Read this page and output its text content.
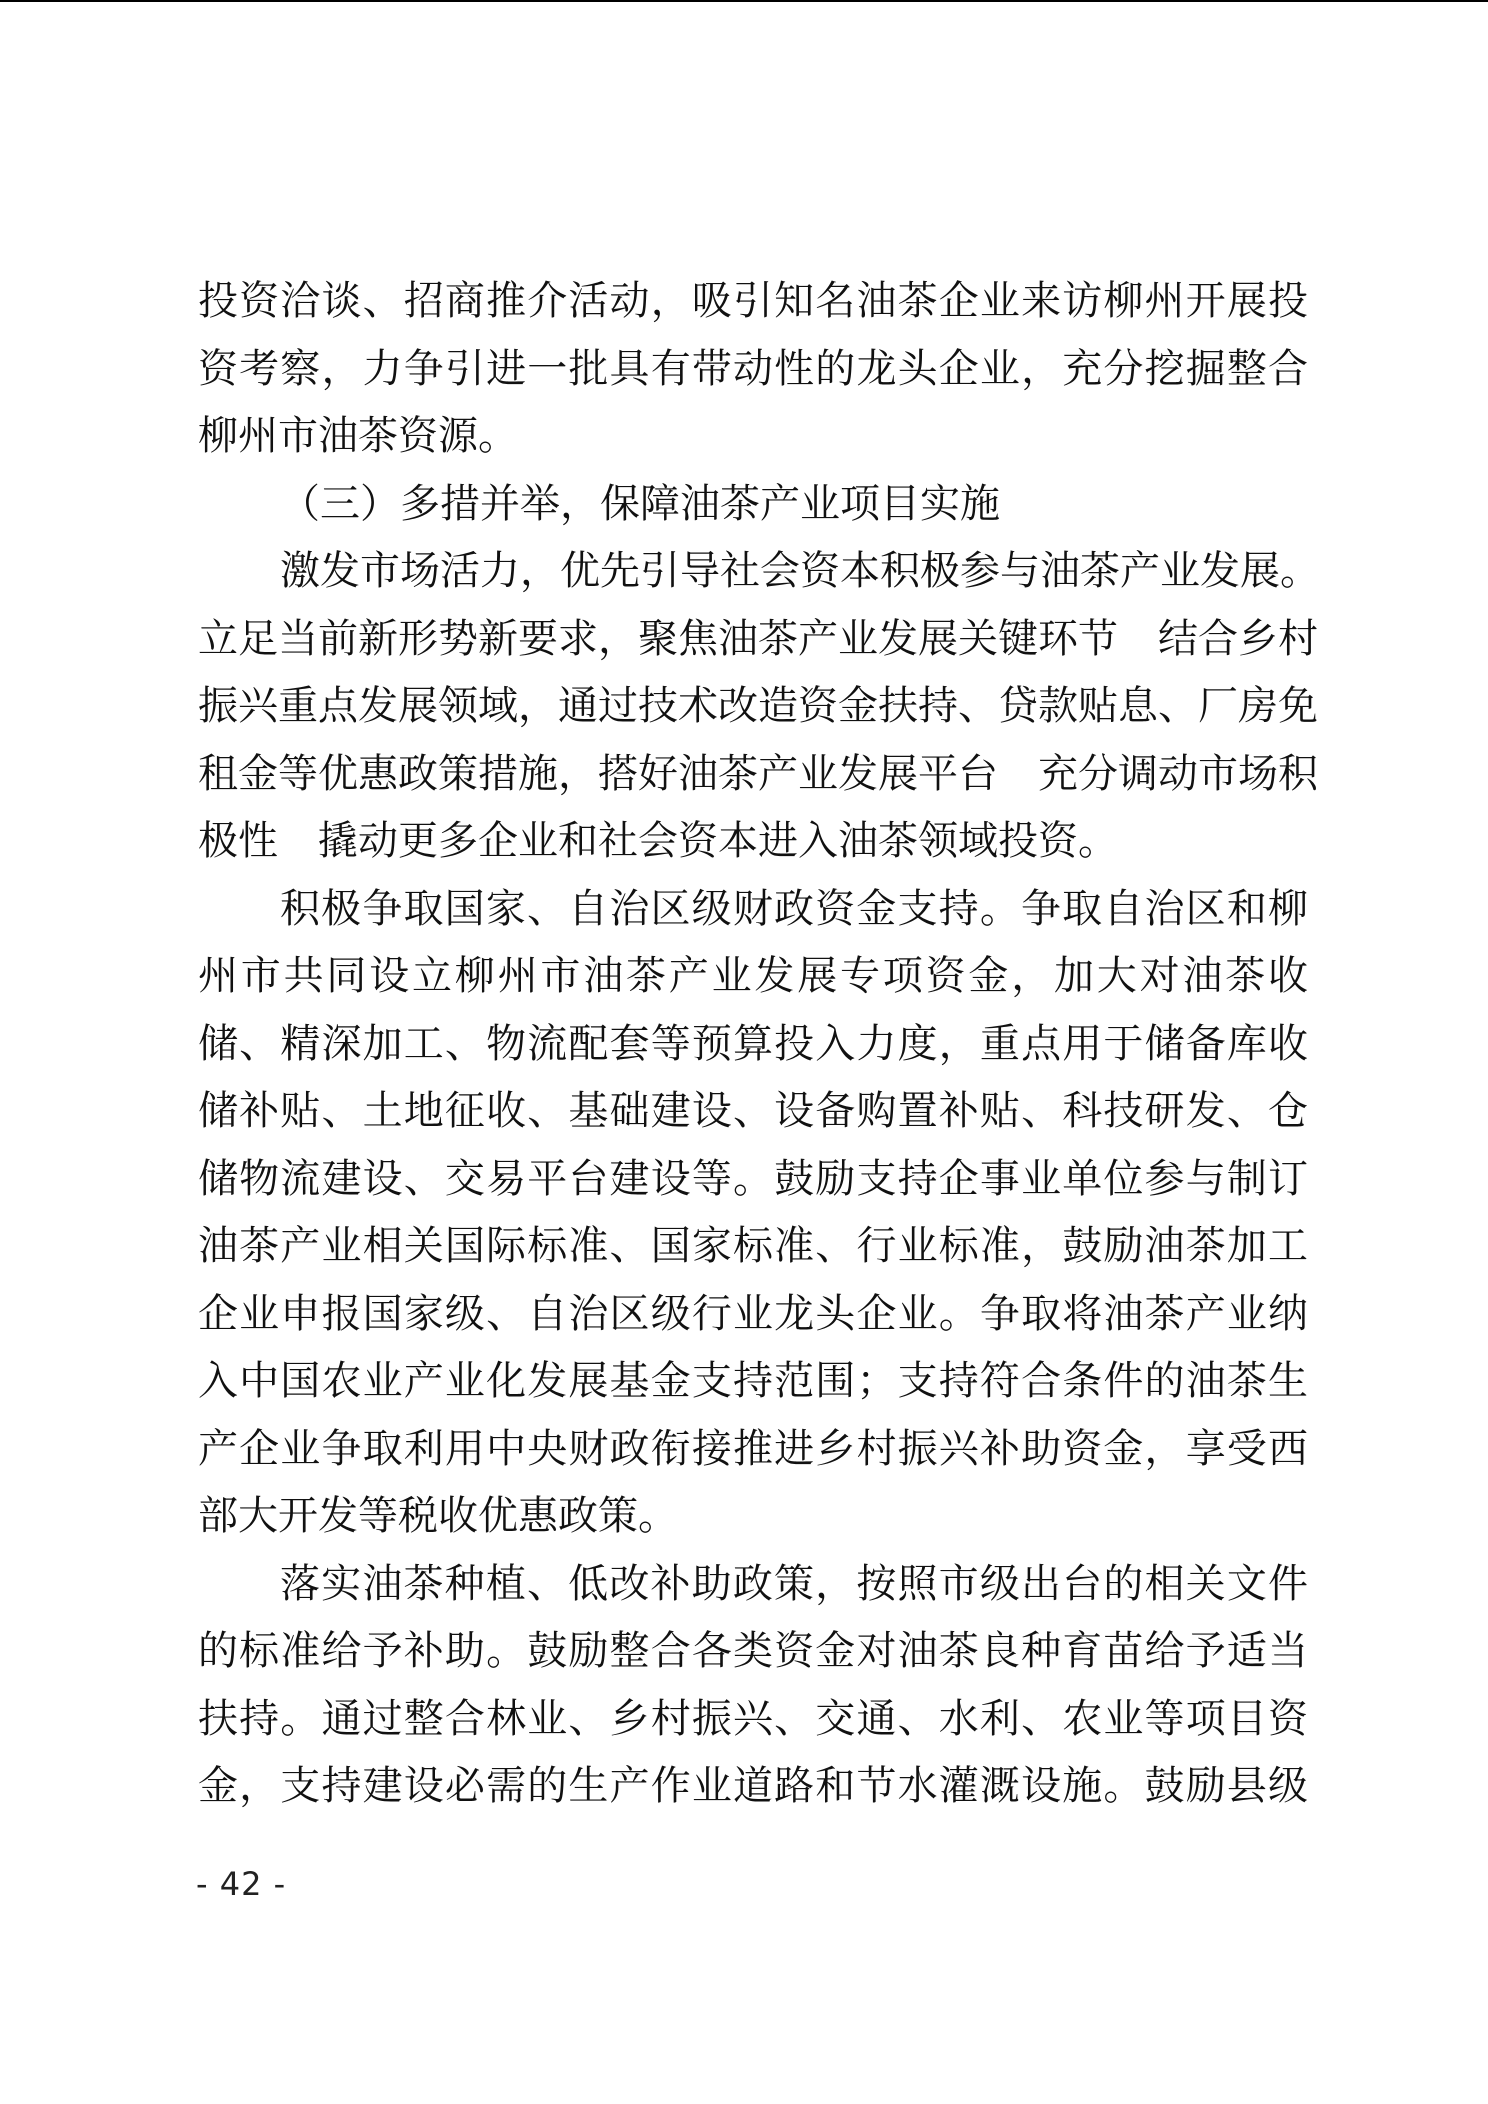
投资洽谈、招商推介活动，吸引知名油茶企业来访柳州开展投
资考察，力争引进一批具有带动性的龙头企业，充分挖掘整合
柳州市油茶资源。
（三）多措并举，保障油茶产业项目实施
激发市场活力，优先引导社会资本积极参与油茶产业发展。
立足当前新形势新要求，聚焦油茶产业发展关键环节　结合乡村
振兴重点发展领域，通过技术改造资金扶持、贷款贴息、厂房免
租金等优惠政策措施，搭好油茶产业发展平台　充分调动市场积
极性　撬动更多企业和社会资本进入油茶领域投资。
积极争取国家、自治区级财政资金支持。争取自治区和柳
州市共同设立柳州市油茶产业发展专项资金，加大对油茶收
储、精深加工、物流配套等预算投入力度，重点用于储备库收
储补贴、土地征收、基础建设、设备购置补贴、科技研发、仓
储物流建设、交易平台建设等。鼓励支持企事业单位参与制订
油茶产业相关国际标准、国家标准、行业标准，鼓励油茶加工
企业申报国家级、自治区级行业龙头企业。争取将油茶产业纳
入中国农业产业化发展基金支持范围；支持符合条件的油茶生
产企业争取利用中央财政衔接推进乡村振兴补助资金，享受西
部大开发等税收优惠政策。
落实油茶种植、低改补助政策，按照市级出台的相关文件
的标准给予补助。鼓励整合各类资金对油茶良种育苗给予适当
扶持。通过整合林业、乡村振兴、交通、水利、农业等项目资
金，支持建设必需的生产作业道路和节水灌溉设施。鼓励县级
- 42 -
